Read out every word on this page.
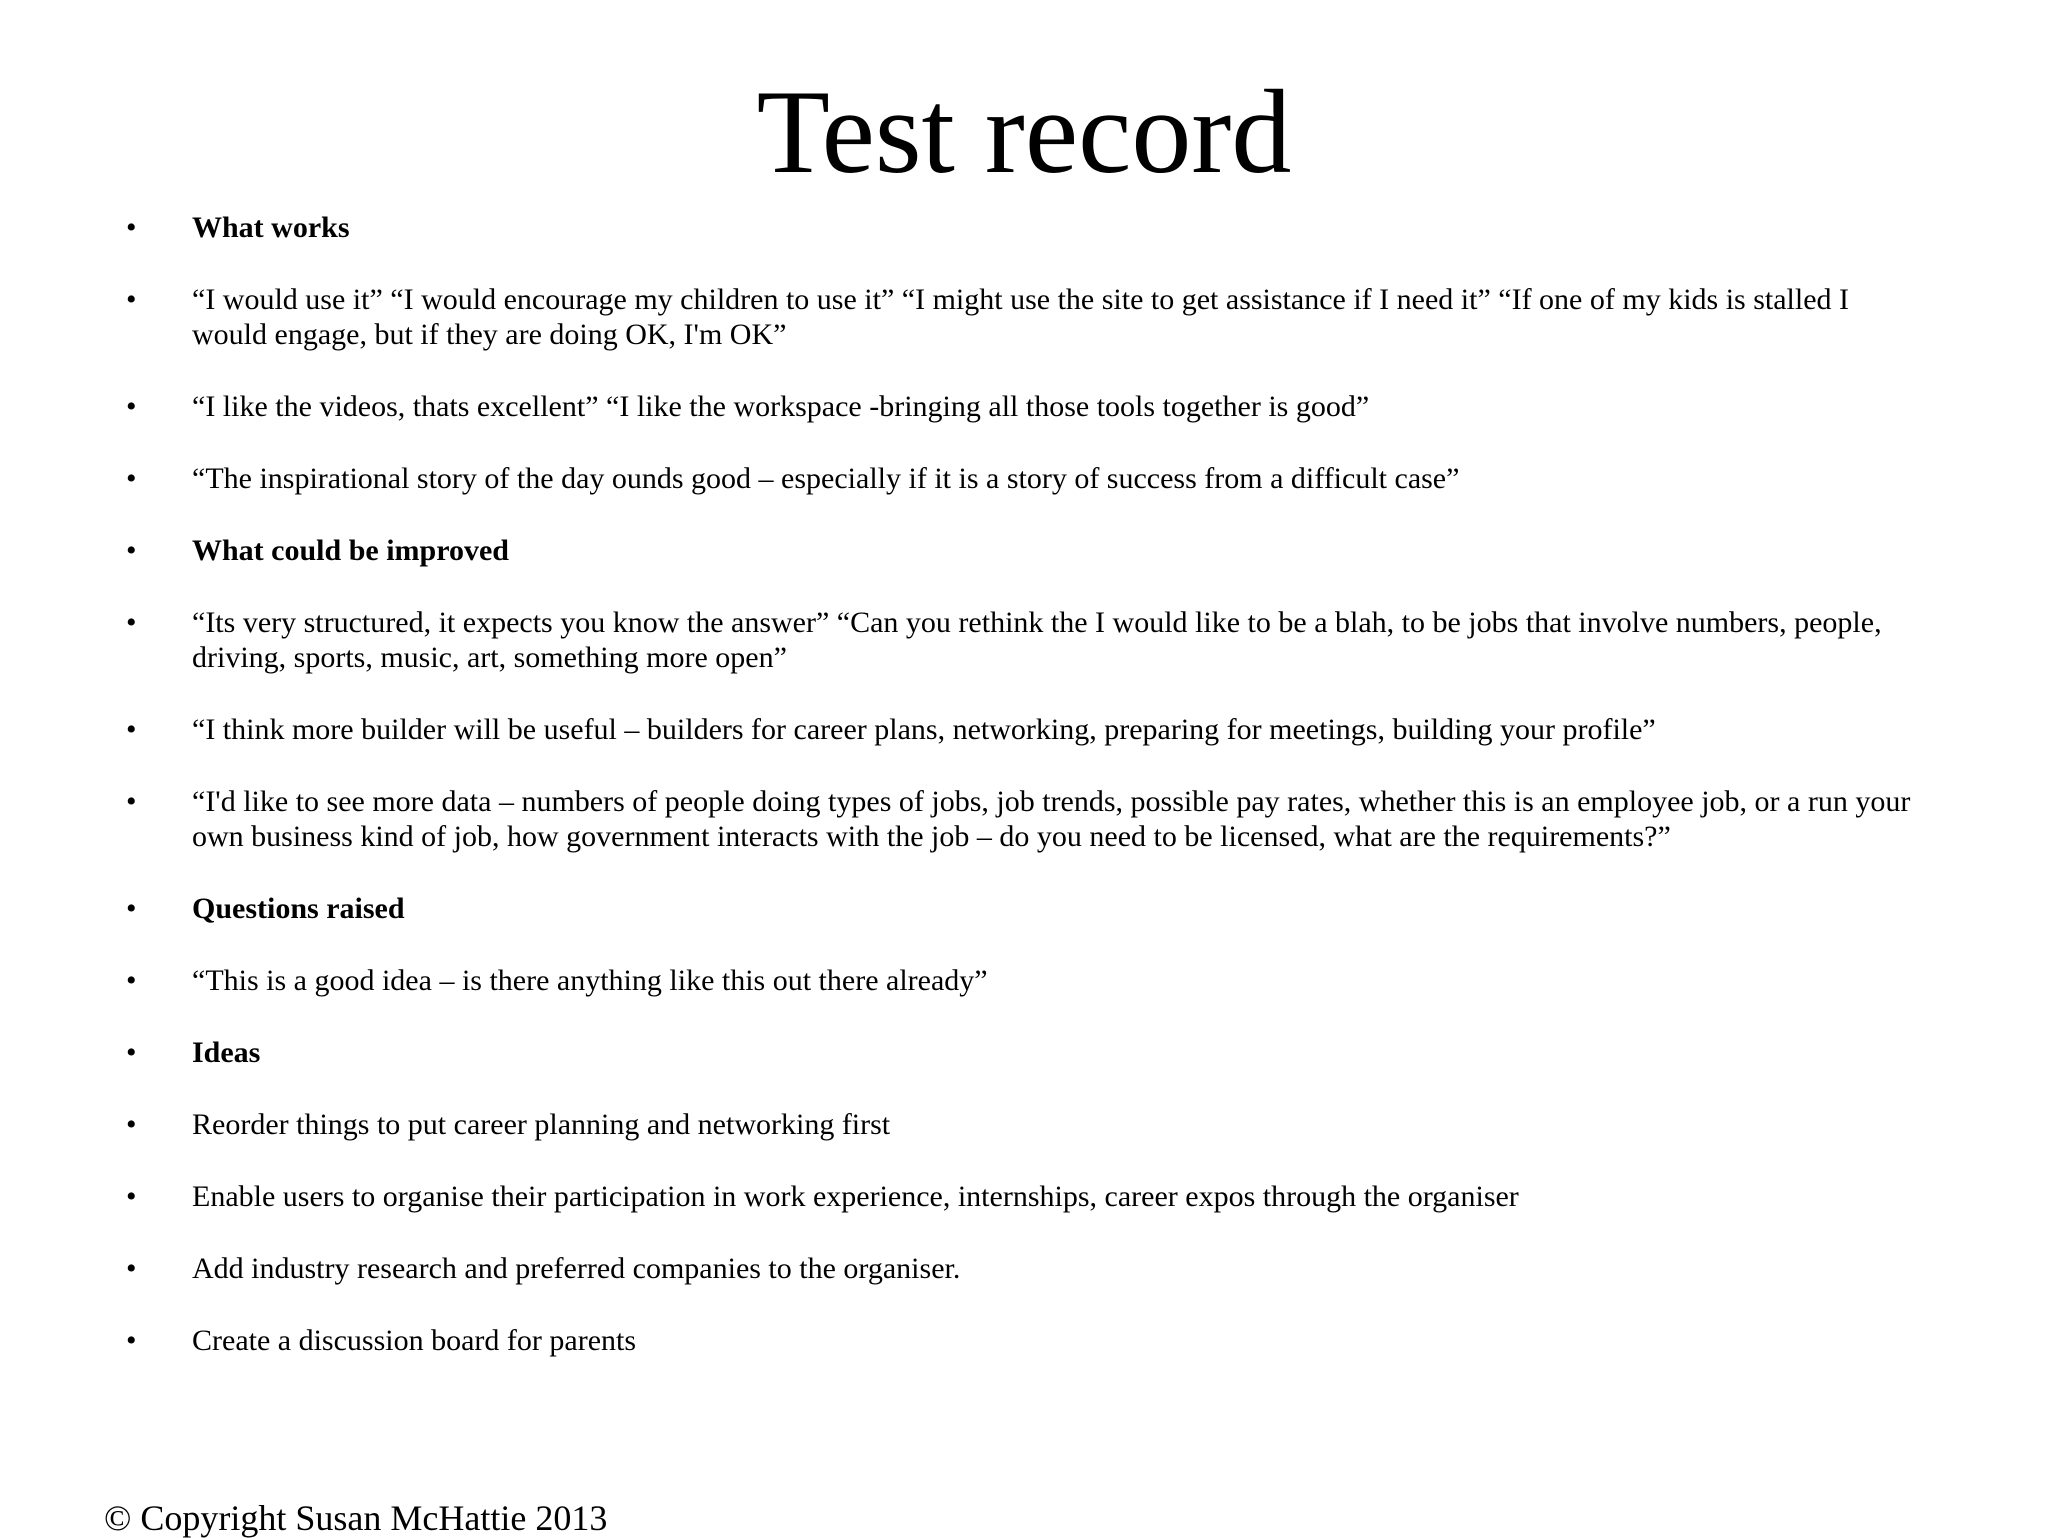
Test record
•	What works
•	“I would use it” “I would encourage my children to use it” “I might use the site to get assistance if I need it” “If one of my kids is stalled I would engage, but if they are doing OK, I'm OK”
•	“I like the videos, thats excellent” “I like the workspace -bringing all those tools together is good”
•	“The inspirational story of the day ounds good – especially if it is a story of success from a difficult case”
•	What could be improved
•	“Its very structured, it expects you know the answer” “Can you rethink the I would like to be a blah, to be jobs that involve numbers, people, driving, sports, music, art, something more open”
•	“I think more builder will be useful – builders for career plans, networking, preparing for meetings, building your profile”
•	“I'd like to see more data – numbers of people doing types of jobs, job trends, possible pay rates, whether this is an employee job, or a run your own business kind of job, how government interacts with the job – do you need to be licensed, what are the requirements?”
•	Questions raised
•	“This is a good idea – is there anything like this out there already”
•	Ideas
•	Reorder things to put career planning and networking first
•	Enable users to organise their participation in work experience, internships, career expos through the organiser
•	Add industry research and preferred companies to the organiser.
•	Create a discussion board for parents

© Copyright Susan McHattie 2013
